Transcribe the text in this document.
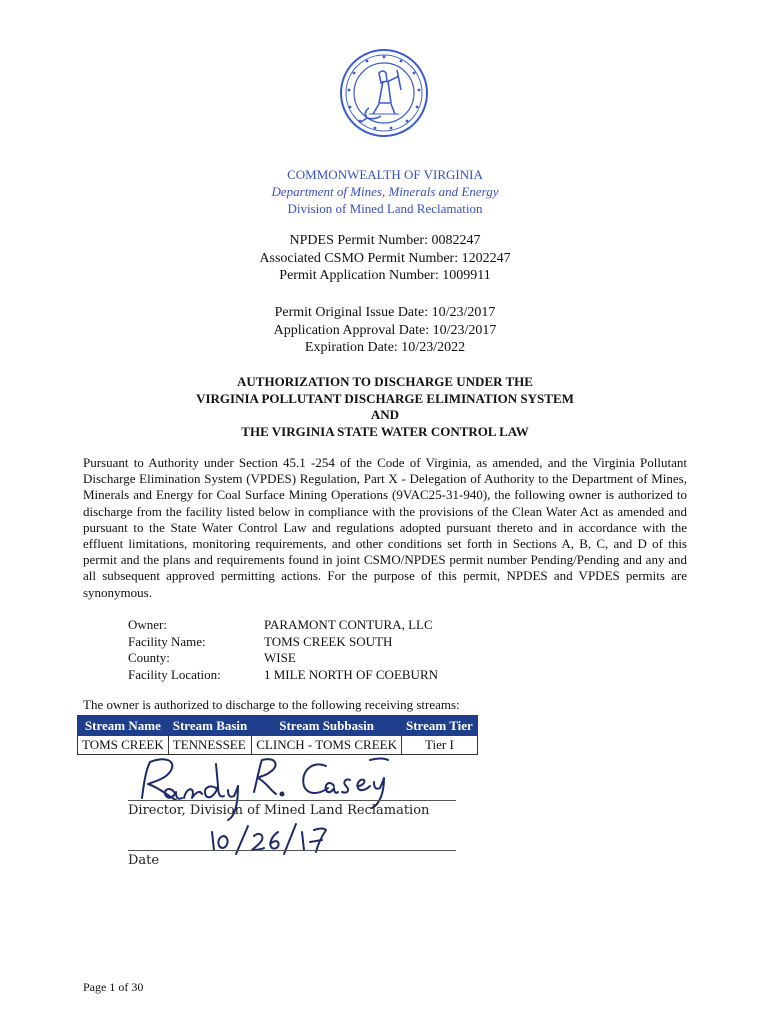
COMMONWEALTH OF VIRGINIA
Department of Mines, Minerals and Energy
Division of Mined Land Reclamation
NPDES Permit Number: 0082247
Associated CSMO Permit Number: 1202247
Permit Application Number: 1009911
Permit Original Issue Date: 10/23/2017
Application Approval Date: 10/23/2017
Expiration Date: 10/23/2022
AUTHORIZATION TO DISCHARGE UNDER THE
VIRGINIA POLLUTANT DISCHARGE ELIMINATION SYSTEM
AND
THE VIRGINIA STATE WATER CONTROL LAW
Pursuant to Authority under Section 45.1 -254 of the Code of Virginia, as amended, and the Virginia Pollutant Discharge Elimination System (VPDES) Regulation, Part X - Delegation of Authority to the Department of Mines, Minerals and Energy for Coal Surface Mining Operations (9VAC25-31-940), the following owner is authorized to discharge from the facility listed below in compliance with the provisions of the Clean Water Act as amended and pursuant to the State Water Control Law and regulations adopted pursuant thereto and in accordance with the effluent limitations, monitoring requirements, and other conditions set forth in Sections A, B, C, and D of this permit and the plans and requirements found in joint CSMO/NPDES permit number Pending/Pending and any and all subsequent approved permitting actions. For the purpose of this permit, NPDES and VPDES permits are synonymous.
Owner:	PARAMONT CONTURA, LLC
Facility Name:	TOMS CREEK SOUTH
County:	WISE
Facility Location:	1 MILE NORTH OF COEBURN
The owner is authorized to discharge to the following receiving streams:
Stream Name	Stream Basin	Stream Subbasin	Stream Tier
TOMS CREEK	TENNESSEE	CLINCH - TOMS CREEK	Tier I
Director, Division of Mined Land Reclamation
Date
Page 1 of 30
